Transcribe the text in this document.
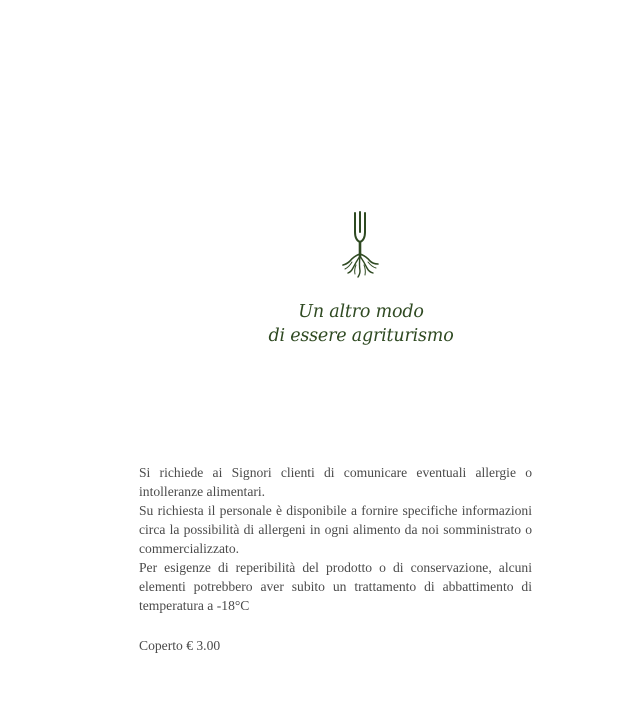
Un altro modo
di essere agriturismo

Si richiede ai Signori clienti di comunicare eventuali allergie o intolleranze alimentari.

Su richiesta il personale è disponibile a fornire specifiche informazioni circa la possibilità di allergeni in ogni alimento da noi somministrato o commercializzato.

Per esigenze di reperibilità del prodotto o di conservazione, alcuni elementi potrebbero aver subito un trattamento di abbattimento di temperatura a -18°C

Coperto € 3.00
